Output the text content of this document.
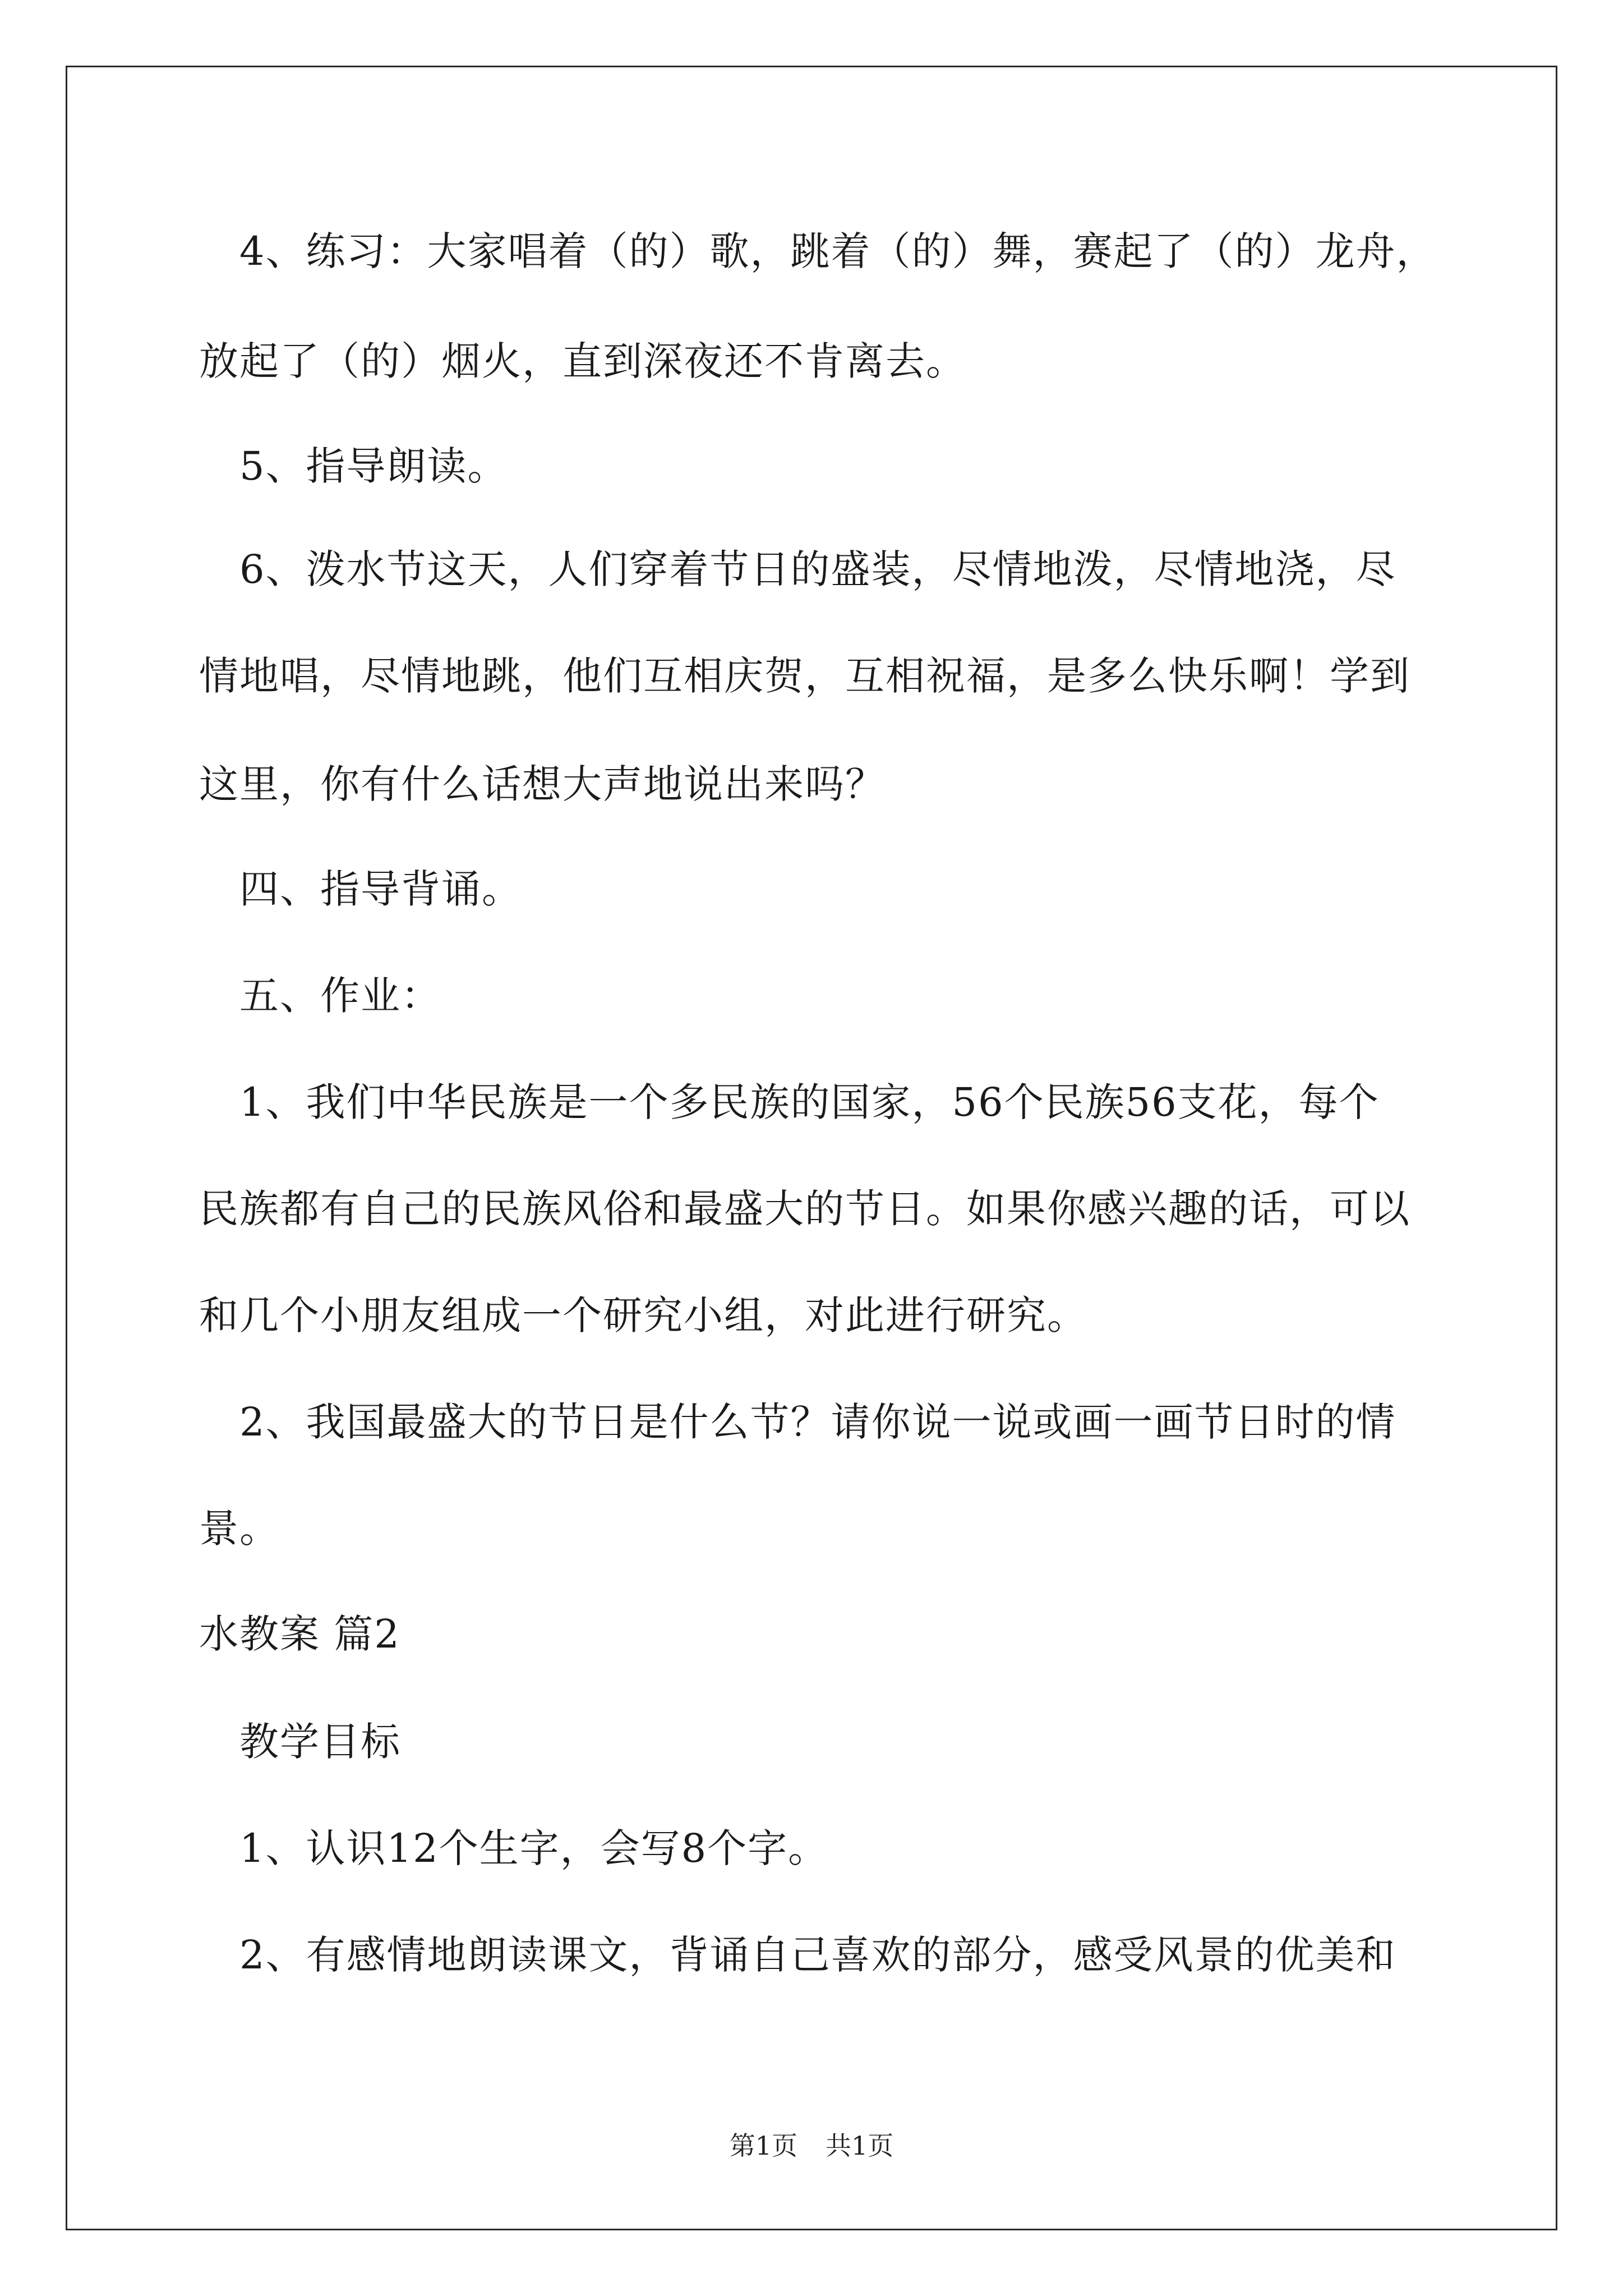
　4、练习：大家唱着（的）歌，跳着（的）舞，赛起了（的）龙舟，
放起了（的）烟火，直到深夜还不肯离去。
　5、指导朗读。
　6、泼水节这天，人们穿着节日的盛装，尽情地泼，尽情地浇，尽
情地唱，尽情地跳，他们互相庆贺，互相祝福，是多么快乐啊！学到
这里，你有什么话想大声地说出来吗？
　四、指导背诵。
　五、作业：
　1、我们中华民族是一个多民族的国家，56个民族56支花，每个
民族都有自己的民族风俗和最盛大的节日。如果你感兴趣的话，可以
和几个小朋友组成一个研究小组，对此进行研究。
　2、我国最盛大的节日是什么节？请你说一说或画一画节日时的情
景。
水教案 篇2
　教学目标
　1、认识12个生字，会写8个字。
　2、有感情地朗读课文，背诵自己喜欢的部分，感受风景的优美和
第1页 共1页
